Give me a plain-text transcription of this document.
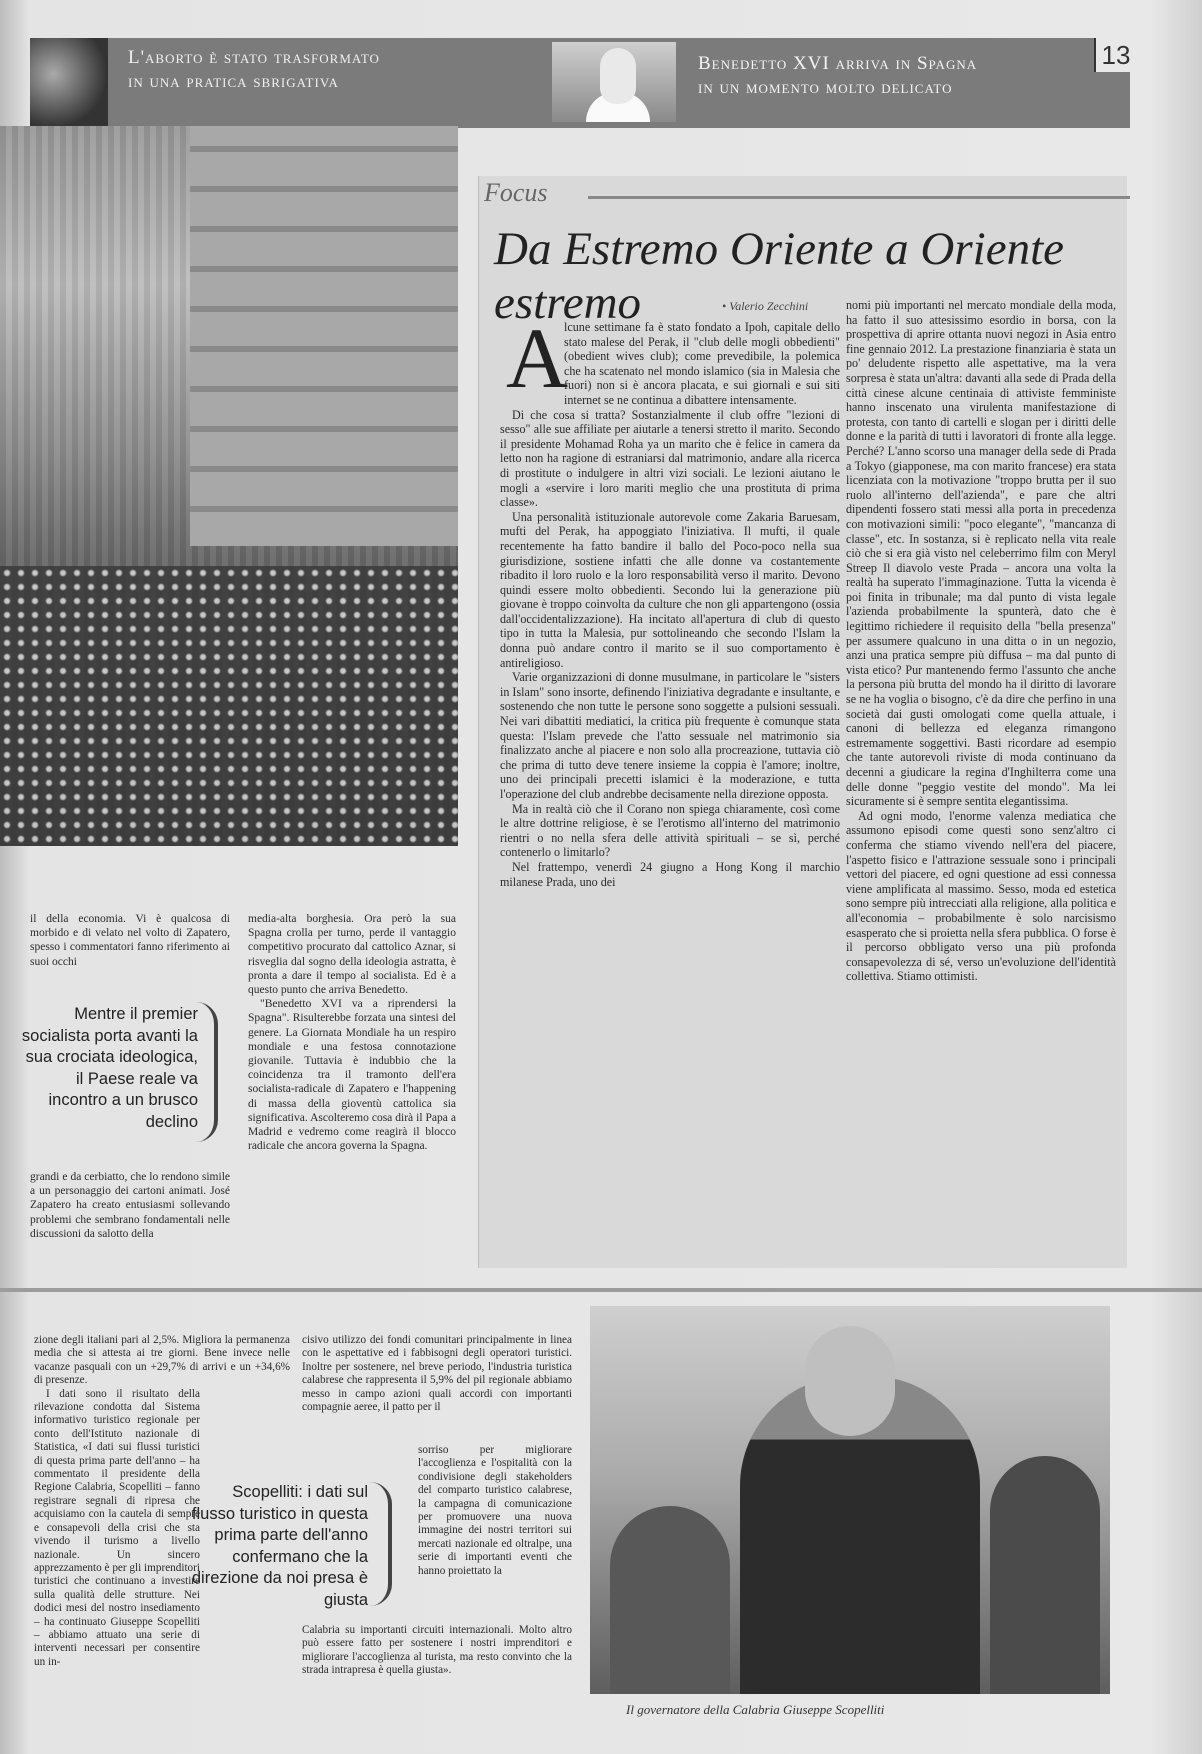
L'aborto è stato trasformato
in una pratica sbrigativa
Benedetto XVI arriva in Spagna
in un momento molto delicato
13
Focus
Da Estremo Oriente a Oriente estremo	• Valerio Zecchini
A

lcune settimane fa è stato fondato a Ipoh, capitale dello stato malese del Perak, il "club delle mogli obbedienti" (obedient wives club); come prevedibile, la polemica che ha scatenato nel mondo islamico (sia in Malesia che fuori) non si è ancora placata, e sui giornali e sui siti internet se ne continua a dibattere intensamente.

Di che cosa si tratta? Sostanzialmente il club offre "lezioni di sesso" alle sue affiliate per aiutarle a tenersi stretto il marito. Secondo il presidente Mohamad Roha ya un marito che è felice in camera da letto non ha ragione di estraniarsi dal matrimonio, andare alla ricerca di prostitute o indulgere in altri vizi sociali. Le lezioni aiutano le mogli a «servire i loro mariti meglio che una prostituta di prima classe».

Una personalità istituzionale autorevole come Zakaria Baruesam, mufti del Perak, ha appoggiato l'iniziativa. Il mufti, il quale recentemente ha fatto bandire il ballo del Poco-poco nella sua giurisdizione, sostiene infatti che alle donne va costantemente ribadito il loro ruolo e la loro responsabilità verso il marito. Devono quindi essere molto obbedienti. Secondo lui la generazione più giovane è troppo coinvolta da culture che non gli appartengono (ossia dall'occidentalizzazione). Ha incitato all'apertura di club di questo tipo in tutta la Malesia, pur sottolineando che secondo l'Islam la donna può andare contro il marito se il suo comportamento è antireligioso.

Varie organizzazioni di donne musulmane, in particolare le "sisters in Islam" sono insorte, definendo l'iniziativa degradante e insultante, e sostenendo che non tutte le persone sono soggette a pulsioni sessuali. Nei vari dibattiti mediatici, la critica più frequente è comunque stata questa: l'Islam prevede che l'atto sessuale nel matrimonio sia finalizzato anche al piacere e non solo alla procreazione, tuttavia ciò che prima di tutto deve tenere insieme la coppia è l'amore; inoltre, uno dei principali precetti islamici è la moderazione, e tutta l'operazione del club andrebbe decisamente nella direzione opposta.

Ma in realtà ciò che il Corano non spiega chiaramente, così come le altre dottrine religiose, è se l'erotismo all'interno del matrimonio rientri o no nella sfera delle attività spirituali – se sì, perché contenerlo o limitarlo?

Nel frattempo, venerdì 24 giugno a Hong Kong il marchio milanese Prada, uno dei

nomi più importanti nel mercato mondiale della moda, ha fatto il suo attesissimo esordio in borsa, con la prospettiva di aprire ottanta nuovi negozi in Asia entro fine gennaio 2012. La prestazione finanziaria è stata un po' deludente rispetto alle aspettative, ma la vera sorpresa è stata un'altra: davanti alla sede di Prada della città cinese alcune centinaia di attiviste femministe hanno inscenato una virulenta manifestazione di protesta, con tanto di cartelli e slogan per i diritti delle donne e la parità di tutti i lavoratori di fronte alla legge. Perché? L'anno scorso una manager della sede di Prada a Tokyo (giapponese, ma con marito francese) era stata licenziata con la motivazione "troppo brutta per il suo ruolo all'interno dell'azienda", e pare che altri dipendenti fossero stati messi alla porta in precedenza con motivazioni simili: "poco elegante", "mancanza di classe", etc. In sostanza, si è replicato nella vita reale ciò che si era già visto nel celeberrimo film con Meryl Streep Il diavolo veste Prada – ancora una volta la realtà ha superato l'immaginazione. Tutta la vicenda è poi finita in tribunale; ma dal punto di vista legale l'azienda probabilmente la spunterà, dato che è legittimo richiedere il requisito della "bella presenza" per assumere qualcuno in una ditta o in un negozio, anzi una pratica sempre più diffusa – ma dal punto di vista etico? Pur mantenendo fermo l'assunto che anche la persona più brutta del mondo ha il diritto di lavorare se ne ha voglia o bisogno, c'è da dire che perfino in una società dai gusti omologati come quella attuale, i canoni di bellezza ed eleganza rimangono estremamente soggettivi. Basti ricordare ad esempio che tante autorevoli riviste di moda continuano da decenni a giudicare la regina d'Inghilterra come una delle donne "peggio vestite del mondo". Ma lei sicuramente si è sempre sentita elegantissima.

Ad ogni modo, l'enorme valenza mediatica che assumono episodi come questi sono senz'altro ci conferma che stiamo vivendo nell'era del piacere, l'aspetto fisico e l'attrazione sessuale sono i principali vettori del piacere, ed ogni questione ad essi connessa viene amplificata al massimo. Sesso, moda ed estetica sono sempre più intrecciati alla religione, alla politica e all'economia – probabilmente è solo narcisismo esasperato che si proietta nella sfera pubblica. O forse è il percorso obbligato verso una più profonda consapevolezza di sé, verso un'evoluzione dell'identità collettiva. Stiamo ottimisti.

il della economia. Vi è qualcosa di morbido e di velato nel volto di Zapatero, spesso i commentatori fanno riferimento ai suoi occhi

Mentre il premier socialista porta avanti la sua crociata ideologica, il Paese reale va incontro a un brusco declino

grandi e da cerbiatto, che lo rendono simile a un personaggio dei cartoni animati. José Zapatero ha creato entusiasmi sollevando problemi che sembrano fondamentali nelle discussioni da salotto della

media-alta borghesia. Ora però la sua Spagna crolla per turno, perde il vantaggio competitivo procurato dal cattolico Aznar, si risveglia dal sogno della ideologia astratta, è pronta a dare il tempo al socialista. Ed è a questo punto che arriva Benedetto.

"Benedetto XVI va a riprendersi la Spagna". Risulterebbe forzata una sintesi del genere. La Giornata Mondiale ha un respiro mondiale e una festosa connotazione giovanile. Tuttavia è indubbio che la coincidenza tra il tramonto dell'era socialista-radicale di Zapatero e l'happening di massa della gioventù cattolica sia significativa. Ascolteremo cosa dirà il Papa a Madrid e vedremo come reagirà il blocco radicale che ancora governa la Spagna.

zione degli italiani pari al 2,5%. Migliora la permanenza media che si attesta ai tre giorni. Bene invece nelle vacanze pasquali con un +29,7% di arrivi e un +34,6% di presenze.

I dati sono il risultato della rilevazione condotta dal Sistema informativo turistico regionale per conto dell'Istituto nazionale di Statistica, «I dati sui flussi turistici di questa prima parte dell'anno – ha commentato il presidente della Regione Calabria, Scopelliti – fanno registrare segnali di ripresa che acquisiamo con la cautela di sempre e consapevoli della crisi che sta vivendo il turismo a livello nazionale. Un sincero apprezzamento è per gli imprenditori turistici che continuano a investire sulla qualità delle strutture. Nei dodici mesi del nostro insediamento – ha continuato Giuseppe Scopelliti – abbiamo attuato una serie di interventi necessari per consentire un in-

Scopelliti: i dati sul flusso turistico in questa prima parte dell'anno confermano che la direzione da noi presa è giusta

cisivo utilizzo dei fondi comunitari principalmente in linea con le aspettative ed i fabbisogni degli operatori turistici. Inoltre per sostenere, nel breve periodo, l'industria turistica calabrese che rappresenta il 5,9% del pil regionale abbiamo messo in campo azioni quali accordi con importanti compagnie aeree, il patto per il

sorriso per migliorare l'accoglienza e l'ospitalità con la condivisione degli stakeholders del comparto turistico calabrese, la campagna di comunicazione per promuovere una nuova immagine dei nostri territori sui mercati nazionale ed oltralpe, una serie di importanti eventi che hanno proiettato la

Calabria su importanti circuiti internazionali. Molto altro può essere fatto per sostenere i nostri imprenditori e migliorare l'accoglienza al turista, ma resto convinto che la strada intrapresa è quella giusta».

Il governatore della Calabria Giuseppe Scopelliti
